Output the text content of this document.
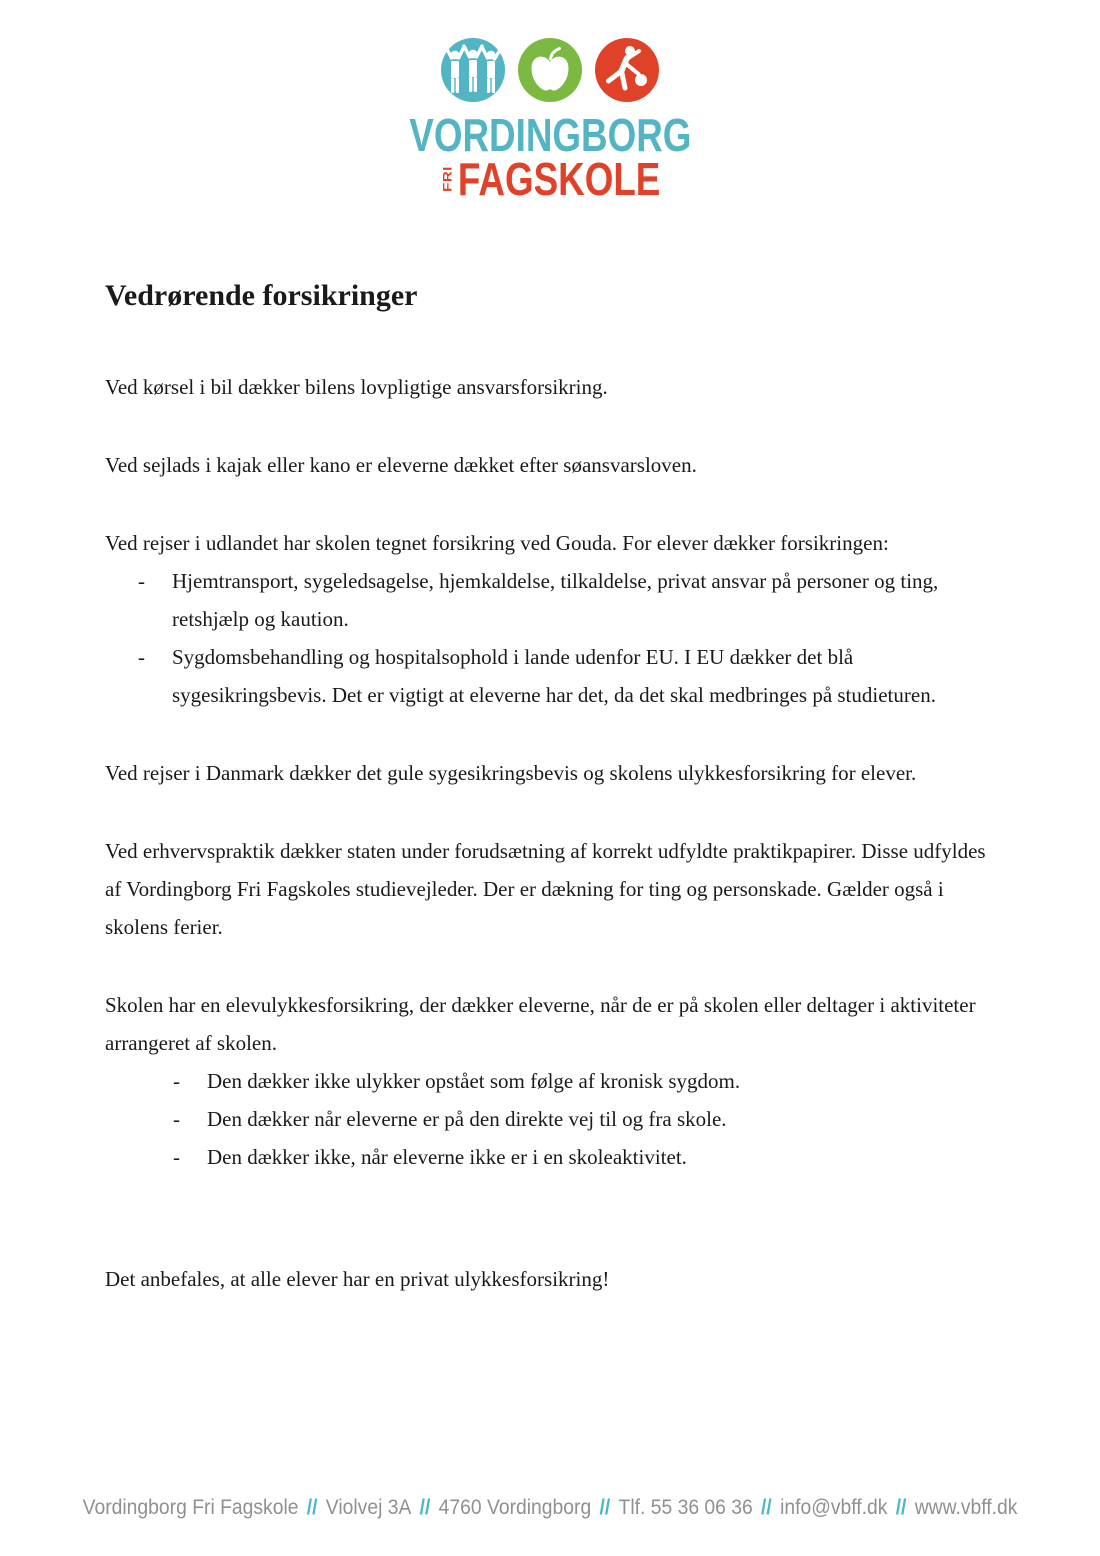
VORDINGBORG
FRI FAGSKOLE
Vedrørende forsikringer

Ved kørsel i bil dækker bilens lovpligtige ansvarsforsikring.

Ved sejlads i kajak eller kano er eleverne dækket efter søansvarsloven.

Ved rejser i udlandet har skolen tegnet forsikring ved Gouda. For elever dækker forsikringen:

-	Hjemtransport, sygeledsagelse, hjemkaldelse, tilkaldelse, privat ansvar på personer og ting, retshjælp og kaution.
-	Sygdomsbehandling og hospitalsophold i lande udenfor EU. I EU dækker det blå sygesikringsbevis. Det er vigtigt at eleverne har det, da det skal medbringes på studieturen.

Ved rejser i Danmark dækker det gule sygesikringsbevis og skolens ulykkesforsikring for elever.

Ved erhvervspraktik dækker staten under forudsætning af korrekt udfyldte praktikpapirer. Disse udfyldes af Vordingborg Fri Fagskoles studievejleder. Der er dækning for ting og personskade. Gælder også i skolens ferier.

Skolen har en elevulykkesforsikring, der dækker eleverne, når de er på skolen eller deltager i aktiviteter arrangeret af skolen.

-	Den dækker ikke ulykker opstået som følge af kronisk sygdom.
-	Den dækker når eleverne er på den direkte vej til og fra skole.
-	Den dækker ikke, når eleverne ikke er i en skoleaktivitet.

Det anbefales, at alle elever har en privat ulykkesforsikring!

Vordingborg Fri Fagskole // Violvej 3A // 4760 Vordingborg // Tlf. 55 36 06 36 // info@vbff.dk // www.vbff.dk
